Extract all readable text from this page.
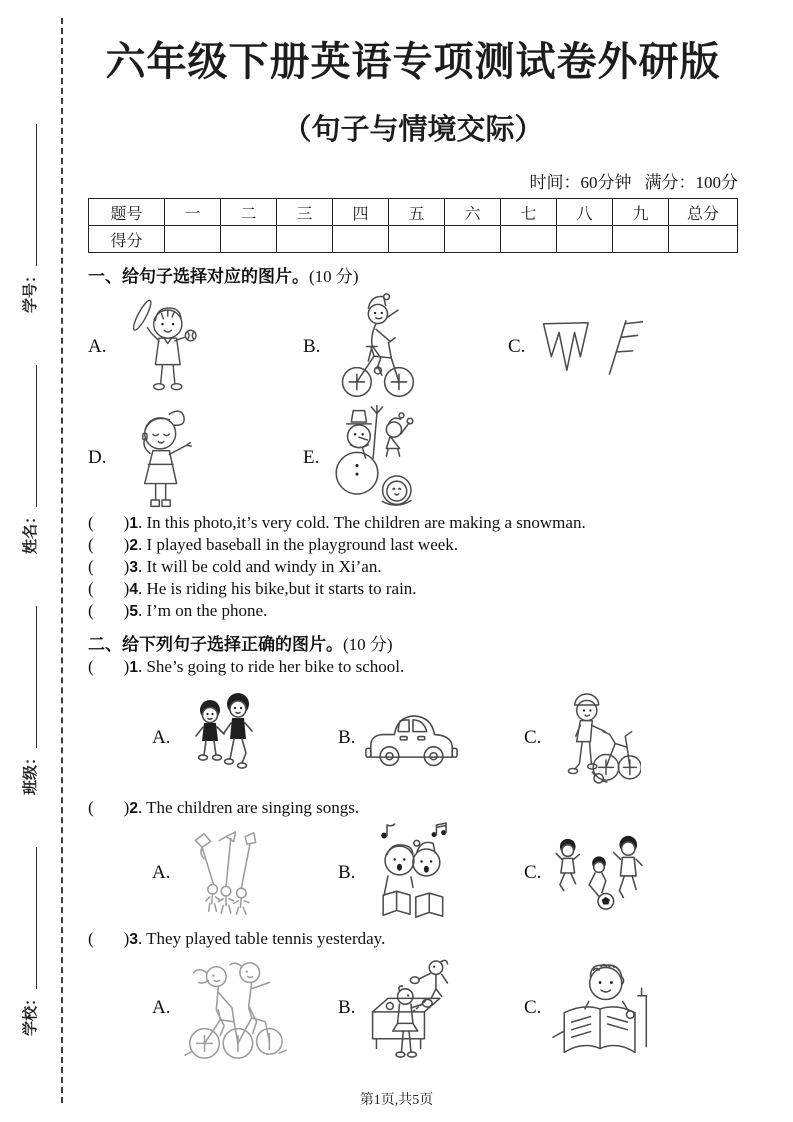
学校：
班级：
姓名：
学号：
六年级下册英语专项测试卷外研版
（句子与情境交际）
时间：60分钟 满分：100分
题号	一	二	三	四	五	六	七	八	九	总分
得分										
一、给句子选择对应的图片。(10 分)
A.	B.	C.
D.	E.
( )1. In this photo,it’s very cold. The children are making a snowman.
( )2. I played baseball in the playground last week.
( )3. It will be cold and windy in Xi’an.
( )4. He is riding his bike,but it starts to rain.
( )5. I’m on the phone.
二、给下列句子选择正确的图片。(10 分)
( )1. She’s going to ride her bike to school.
A.	B.	C.
( )2. The children are singing songs.
A.	B.	C.
( )3. They played table tennis yesterday.
A.	B.	C.
第1页,共5页
